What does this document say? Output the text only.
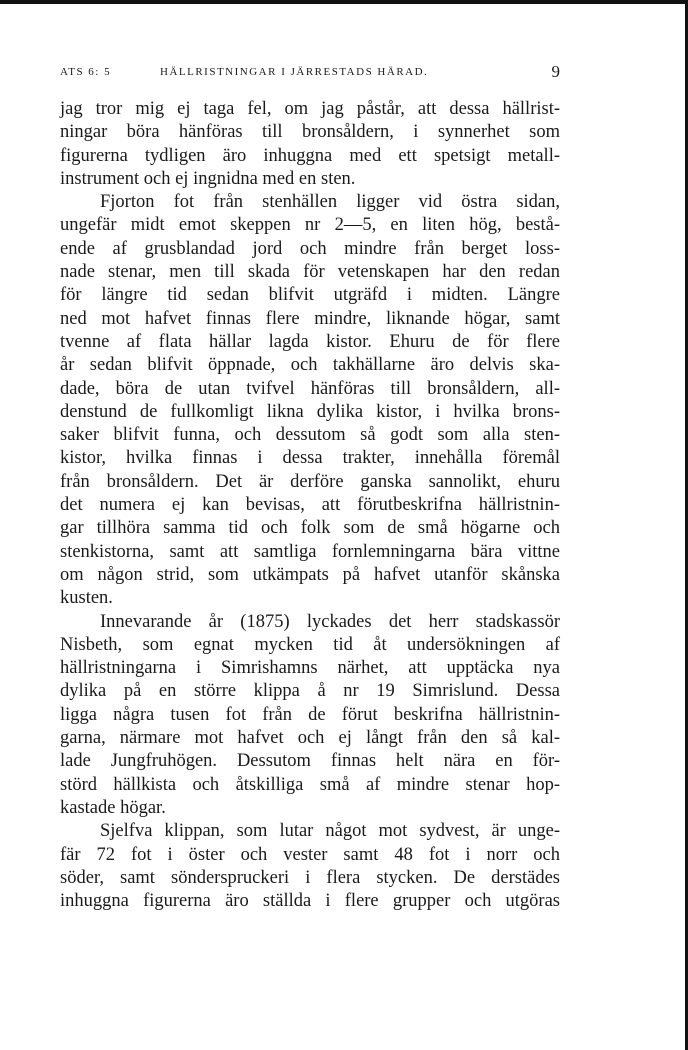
ATS 6: 5	HÄLLRISTNINGAR I JÄRRESTADS HÄRAD.	9
jag tror mig ej taga fel, om jag påstår, att dessa hällrist-
ningar böra hänföras till bronsåldern, i synnerhet som
figurerna tydligen äro inhuggna med ett spetsigt metall-
instrument och ej ingnidna med en sten.
Fjorton fot från stenhällen ligger vid östra sidan,
ungefär midt emot skeppen nr 2—5, en liten hög, bestå-
ende af grusblandad jord och mindre från berget loss-
nade stenar, men till skada för vetenskapen har den redan
för längre tid sedan blifvit utgräfd i midten. Längre
ned mot hafvet finnas flere mindre, liknande högar, samt
tvenne af flata hällar lagda kistor. Ehuru de för flere
år sedan blifvit öppnade, och takhällarne äro delvis ska-
dade, böra de utan tvifvel hänföras till bronsåldern, all-
denstund de fullkomligt likna dylika kistor, i hvilka brons-
saker blifvit funna, och dessutom så godt som alla sten-
kistor, hvilka finnas i dessa trakter, innehålla föremål
från bronsåldern. Det är derföre ganska sannolikt, ehuru
det numera ej kan bevisas, att förutbeskrifna hällristnin-
gar tillhöra samma tid och folk som de små högarne och
stenkistorna, samt att samtliga fornlemningarna bära vittne
om någon strid, som utkämpats på hafvet utanför skånska
kusten.
Innevarande år (1875) lyckades det herr stadskassör
Nisbeth, som egnat mycken tid åt undersökningen af
hällristningarna i Simrishamns närhet, att upptäcka nya
dylika på en större klippa å nr 19 Simrislund. Dessa
ligga några tusen fot från de förut beskrifna hällristnin-
garna, närmare mot hafvet och ej långt från den så kal-
lade Jungfruhögen. Dessutom finnas helt nära en för-
störd hällkista och åtskilliga små af mindre stenar hop-
kastade högar.
Sjelfva klippan, som lutar något mot sydvest, är unge-
fär 72 fot i öster och vester samt 48 fot i norr och
söder, samt sönderspruckeri i flera stycken. De derstädes
inhuggna figurerna äro ställda i flere grupper och utgöras
